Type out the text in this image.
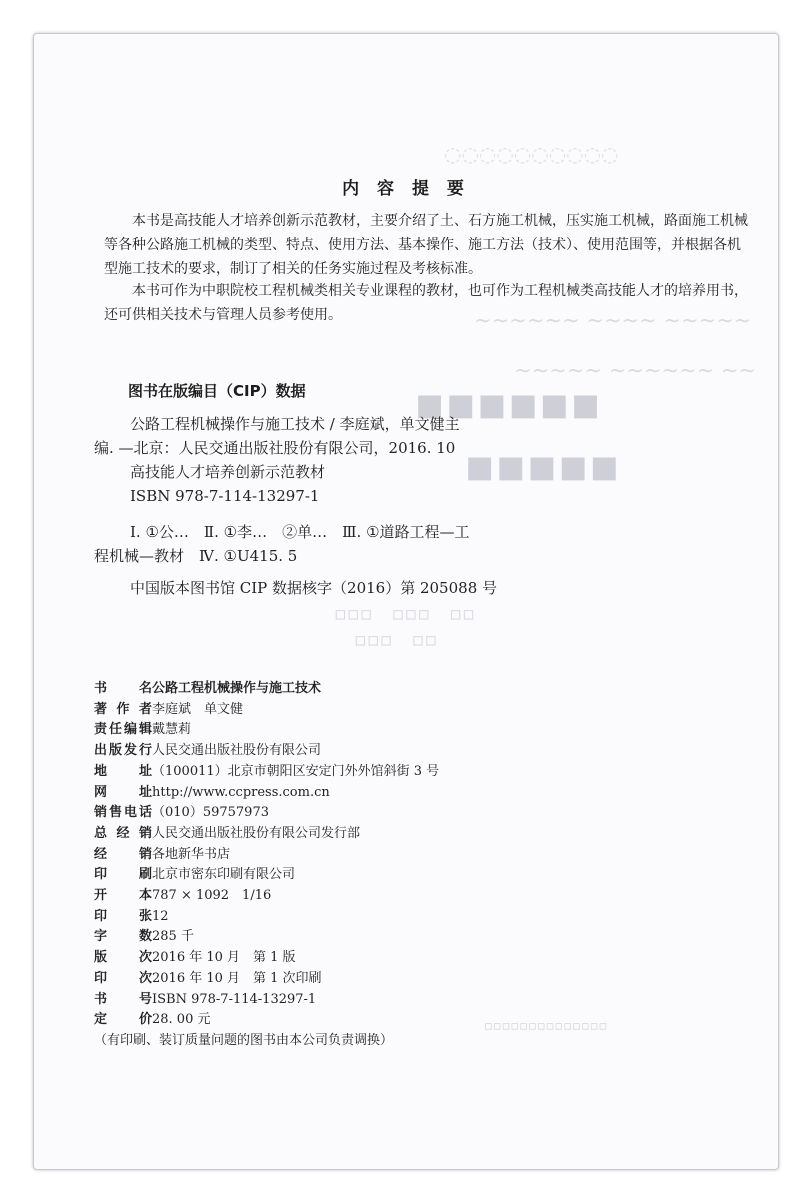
◌◌◌◌◌◌◌◌◌◌
~~~~~ ~~~~ ~~~~~~
~~ ~~~~~~ ~~~~~
▪▪▪▪▪▪
▪▪▪▪▪
▫▫　▫▫▫　▫▫▫
▫▫　▫▫▫
▫▫▫▫▫▫▫▫▫▫▫▫▫▫
内 容 提 要

本书是高技能人才培养创新示范教材，主要介绍了土、石方施工机械，压实施工机械，路面施工机械等各种公路施工机械的类型、特点、使用方法、基本操作、施工方法（技术）、使用范围等，并根据各机型施工技术的要求，制订了相关的任务实施过程及考核标准。

本书可作为中职院校工程机械类相关专业课程的教材，也可作为工程机械类高技能人才的培养用书，还可供相关技术与管理人员参考使用。

图书在版编目（CIP）数据
公路工程机械操作与施工技术 / 李庭斌，单文健主
编. —北京：人民交通出版社股份有限公司，2016. 10
高技能人才培养创新示范教材
ISBN 978-7-114-13297-1
Ⅰ. ①公…　Ⅱ. ①李…　②单…　Ⅲ. ①道路工程—工
程机械—教材　Ⅳ. ①U415. 5
中国版本图书馆 CIP 数据核字（2016）第 205088 号
书名 公路工程机械操作与施工技术
著作者 李庭斌　单文健
责任编辑 戴慧莉
出版发行 人民交通出版社股份有限公司
地址 （100011）北京市朝阳区安定门外外馆斜街 3 号
网址 http://www.ccpress.com.cn
销售电话 （010）59757973
总经销 人民交通出版社股份有限公司发行部
经销 各地新华书店
印刷 北京市密东印刷有限公司
开本 787 × 1092　1/16
印张 12
字数 285 千
版次 2016 年 10 月　第 1 版
印次 2016 年 10 月　第 1 次印刷
书号 ISBN 978-7-114-13297-1
定价 28. 00 元
（有印刷、装订质量问题的图书由本公司负责调换）
